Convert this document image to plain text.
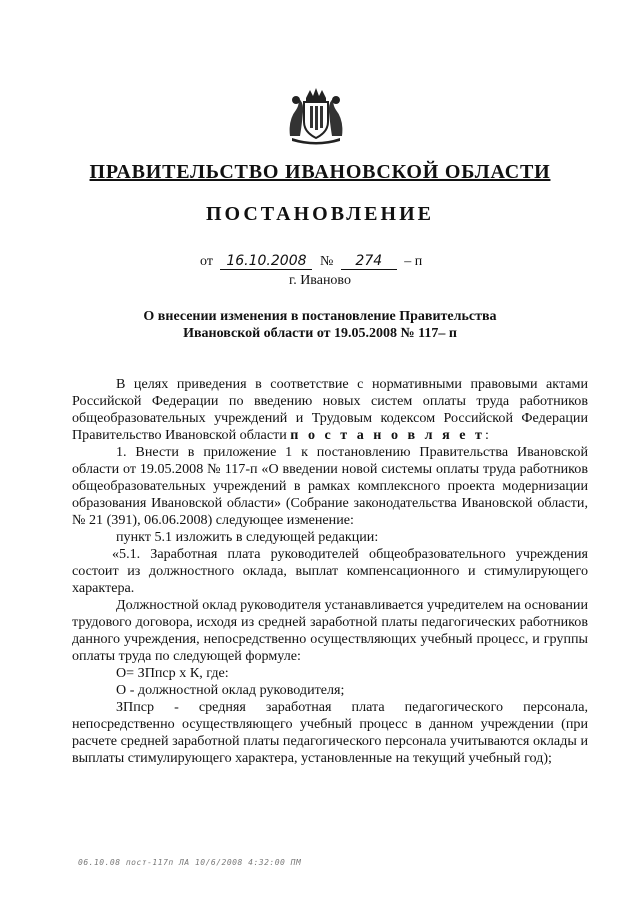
ПРАВИТЕЛЬСТВО ИВАНОВСКОЙ ОБЛАСТИ
ПОСТАНОВЛЕНИЕ
от 16.10.2008 № 274 – п
г. Иваново
О внесении изменения в постановление Правительства
Ивановской области от 19.05.2008 № 117– п

В целях приведения в соответствие с нормативными правовыми актами Российской Федерации по введению новых систем оплаты труда работников общеобразовательных учреждений и Трудовым кодексом Российской Федерации Правительство Ивановской области п о с т а н о в л я е т:

1. Внести в приложение 1 к постановлению Правительства Ивановской области от 19.05.2008 № 117-п «О введении новой системы оплаты труда работников общеобразовательных учреждений в рамках комплексного проекта модернизации образования Ивановской области» (Собрание законодательства Ивановской области, № 21 (391), 06.06.2008) следующее изменение:

пункт 5.1 изложить в следующей редакции:

«5.1. Заработная плата руководителей общеобразовательного учреждения состоит из должностного оклада, выплат компенсационного и стимулирующего характера.

Должностной оклад руководителя устанавливается учредителем на основании трудового договора, исходя из средней заработной платы педагогических работников данного учреждения, непосредственно осуществляющих учебный процесс, и группы оплаты труда по следующей формуле:

О= ЗПпср х К, где:

О - должностной оклад руководителя;

ЗПпср - средняя заработная плата педагогического персонала, непосредственно осуществляющего учебный процесс в данном учреждении (при расчете средней заработной платы педагогического персонала учитываются оклады и выплаты стимулирующего характера, установленные на текущий учебный год);

06.10.08 пост-117п ЛА 10/6/2008 4:32:00 ПМ
